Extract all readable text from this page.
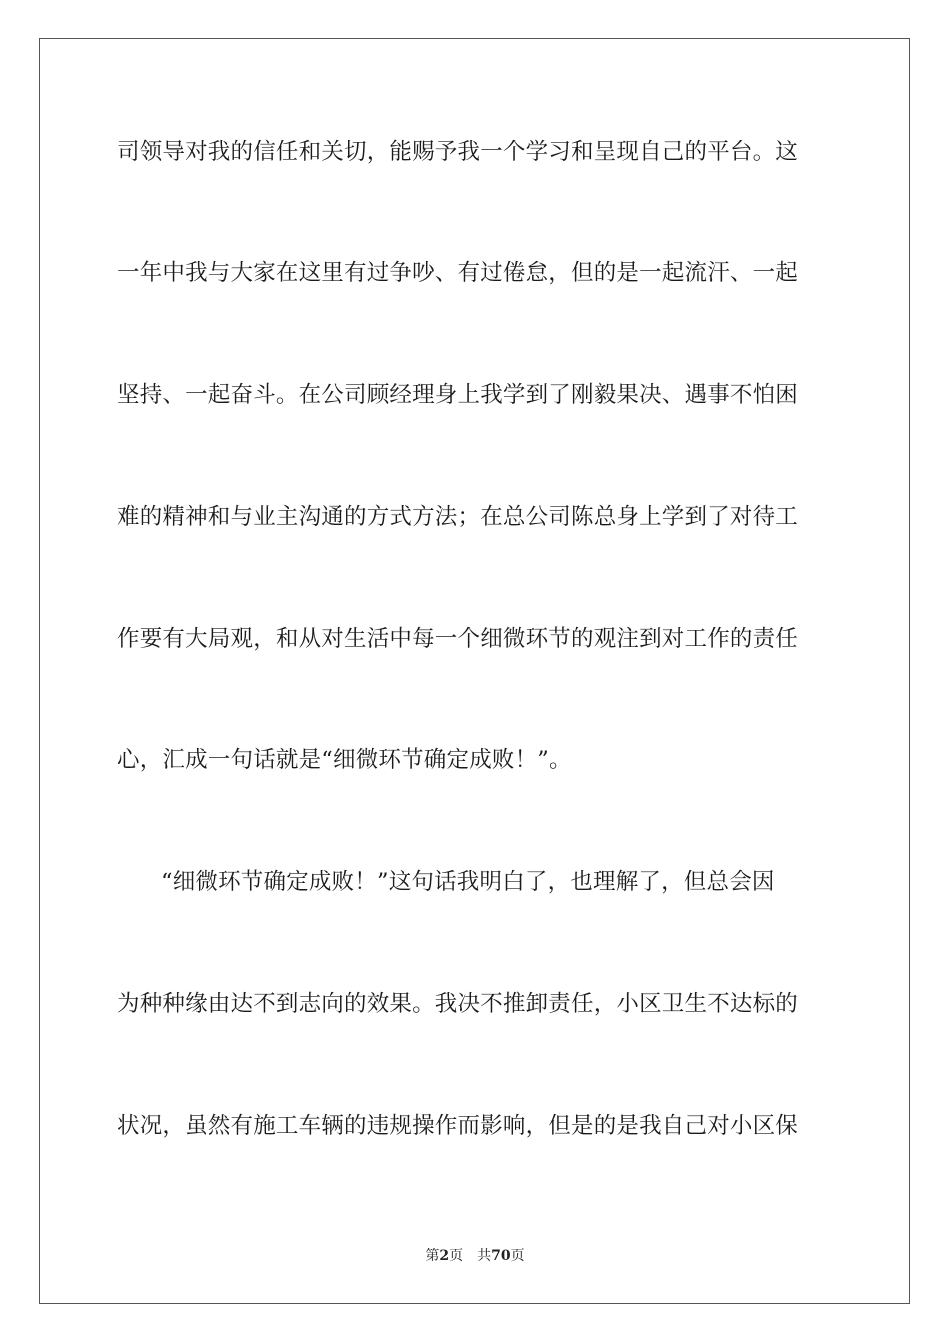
司领导对我的信任和关切，能赐予我一个学习和呈现自己的平台。这
一年中我与大家在这里有过争吵、有过倦怠，但的是一起流汗、一起
坚持、一起奋斗。在公司顾经理身上我学到了刚毅果决、遇事不怕困
难的精神和与业主沟通的方式方法；在总公司陈总身上学到了对待工
作要有大局观，和从对生活中每一个细微环节的观注到对工作的责任
心，汇成一句话就是“细微环节确定成败！”。
“细微环节确定成败！”这句话我明白了，也理解了，但总会因
为种种缘由达不到志向的效果。我决不推卸责任，小区卫生不达标的
状况，虽然有施工车辆的违规操作而影响，但是的是我自己对小区保
第2页 共70页
